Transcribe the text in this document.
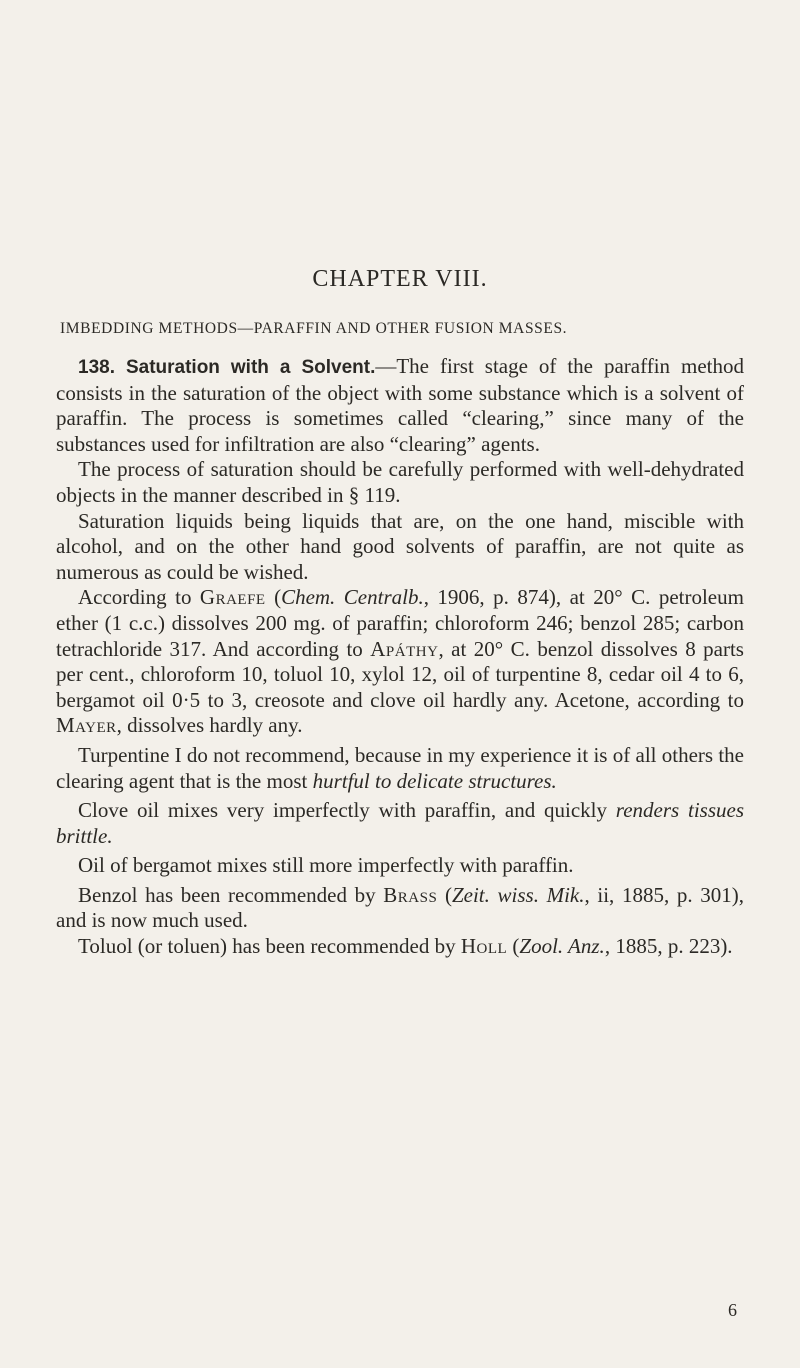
CHAPTER VIII.
IMBEDDING METHODS—PARAFFIN AND OTHER FUSION MASSES.

138. Saturation with a Solvent.—The first stage of the paraffin method consists in the saturation of the object with some substance which is a solvent of paraffin. The process is sometimes called “clearing,” since many of the substances used for infiltration are also “clearing” agents.

The process of saturation should be carefully performed with well-dehydrated objects in the manner described in § 119.

Saturation liquids being liquids that are, on the one hand, miscible with alcohol, and on the other hand good solvents of paraffin, are not quite as numerous as could be wished.

According to Graefe (Chem. Centralb., 1906, p. 874), at 20° C. petroleum ether (1 c.c.) dissolves 200 mg. of paraffin; chloroform 246; benzol 285; carbon tetrachloride 317. And according to Apáthy, at 20° C. benzol dissolves 8 parts per cent., chloroform 10, toluol 10, xylol 12, oil of turpentine 8, cedar oil 4 to 6, bergamot oil 0·5 to 3, creosote and clove oil hardly any. Acetone, according to Mayer, dissolves hardly any.

Turpentine I do not recommend, because in my experience it is of all others the clearing agent that is the most hurtful to delicate structures.

Clove oil mixes very imperfectly with paraffin, and quickly renders tissues brittle.

Oil of bergamot mixes still more imperfectly with paraffin.

Benzol has been recommended by Brass (Zeit. wiss. Mik., ii, 1885, p. 301), and is now much used.

Toluol (or toluen) has been recommended by Holl (Zool. Anz., 1885, p. 223).

6
